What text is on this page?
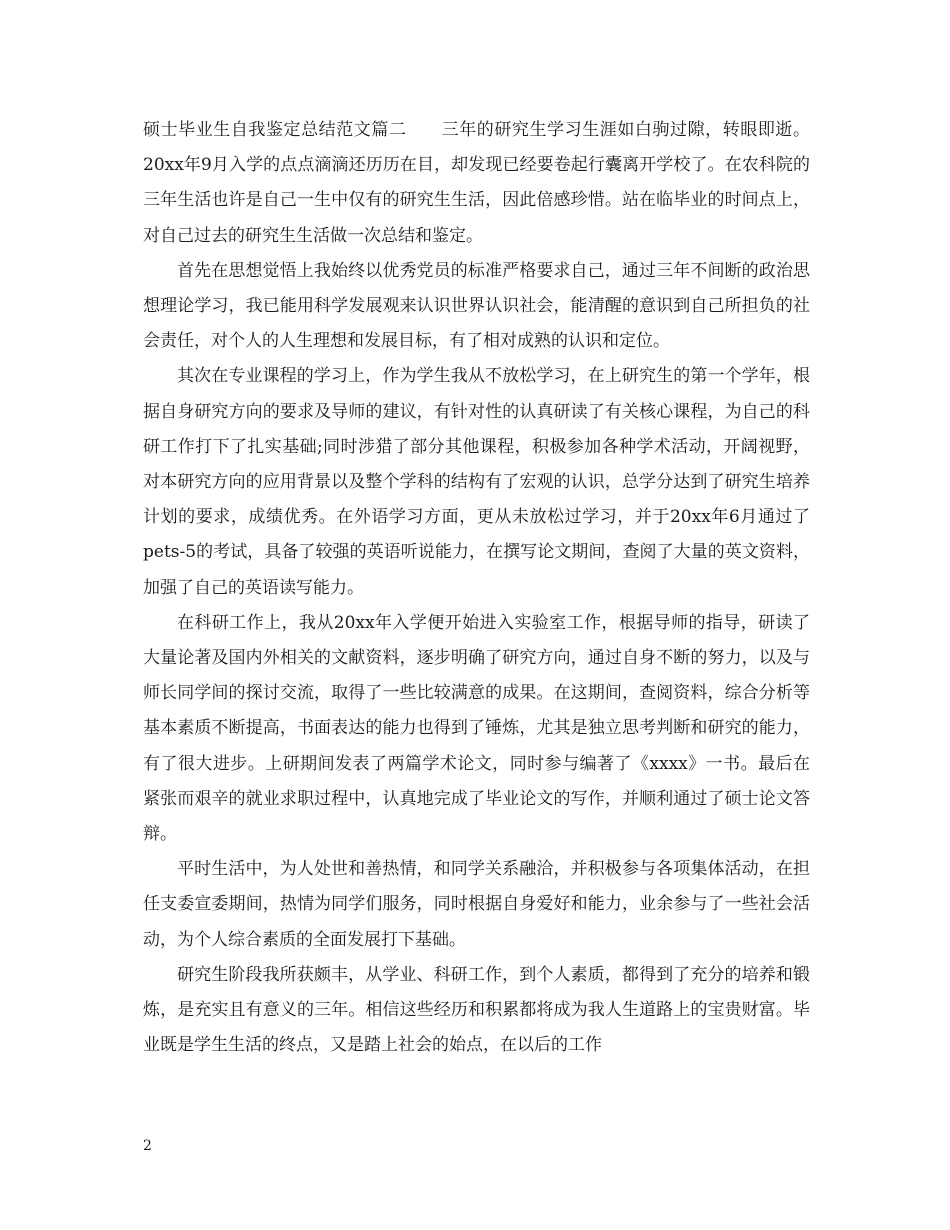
硕士毕业生自我鉴定总结范文篇二　　三年的研究生学习生涯如白驹过隙，转眼即逝。20xx年9月入学的点点滴滴还历历在目，却发现已经要卷起行囊离开学校了。在农科院的三年生活也许是自己一生中仅有的研究生生活，因此倍感珍惜。站在临毕业的时间点上，对自己过去的研究生生活做一次总结和鉴定。

首先在思想觉悟上我始终以优秀党员的标准严格要求自己，通过三年不间断的政治思想理论学习，我已能用科学发展观来认识世界认识社会，能清醒的意识到自己所担负的社会责任，对个人的人生理想和发展目标，有了相对成熟的认识和定位。

其次在专业课程的学习上，作为学生我从不放松学习，在上研究生的第一个学年，根据自身研究方向的要求及导师的建议，有针对性的认真研读了有关核心课程，为自己的科研工作打下了扎实基础;同时涉猎了部分其他课程，积极参加各种学术活动，开阔视野，对本研究方向的应用背景以及整个学科的结构有了宏观的认识，总学分达到了研究生培养计划的要求，成绩优秀。在外语学习方面，更从未放松过学习，并于20xx年6月通过了pets-5的考试，具备了较强的英语听说能力，在撰写论文期间，查阅了大量的英文资料，加强了自己的英语读写能力。

在科研工作上，我从20xx年入学便开始进入实验室工作，根据导师的指导，研读了大量论著及国内外相关的文献资料，逐步明确了研究方向，通过自身不断的努力，以及与师长同学间的探讨交流，取得了一些比较满意的成果。在这期间，查阅资料，综合分析等基本素质不断提高，书面表达的能力也得到了锤炼，尤其是独立思考判断和研究的能力，有了很大进步。上研期间发表了两篇学术论文，同时参与编著了《xxxx》一书。最后在紧张而艰辛的就业求职过程中，认真地完成了毕业论文的写作，并顺利通过了硕士论文答辩。

平时生活中，为人处世和善热情，和同学关系融洽，并积极参与各项集体活动，在担任支委宣委期间，热情为同学们服务，同时根据自身爱好和能力，业余参与了一些社会活动，为个人综合素质的全面发展打下基础。

研究生阶段我所获颇丰，从学业、科研工作，到个人素质，都得到了充分的培养和锻炼，是充实且有意义的三年。相信这些经历和积累都将成为我人生道路上的宝贵财富。毕业既是学生生活的终点，又是踏上社会的始点，在以后的工作

2
